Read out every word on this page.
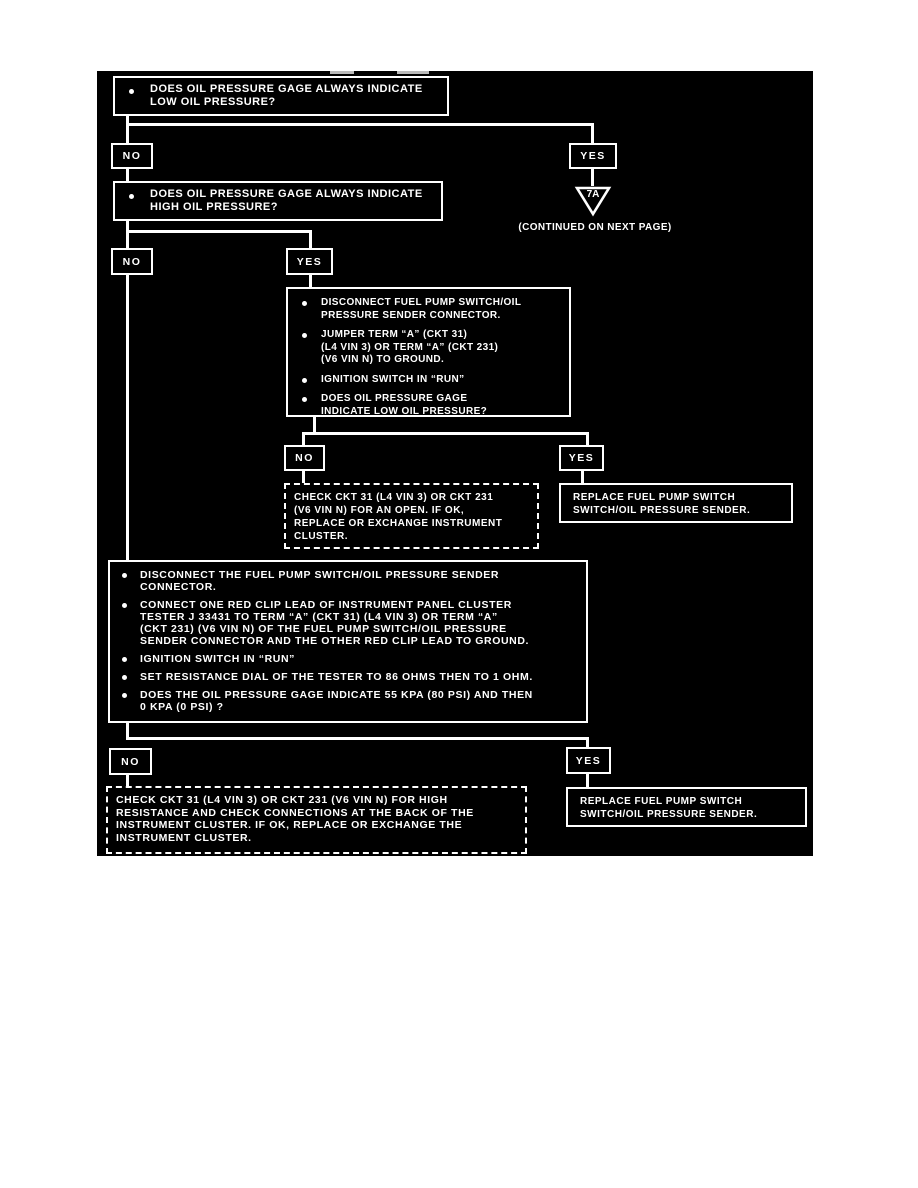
DOES OIL PRESSURE GAGE ALWAYS INDICATE
LOW OIL PRESSURE?
NO	YES
7A
(CONTINUED ON NEXT PAGE)
DOES OIL PRESSURE GAGE ALWAYS INDICATE
HIGH OIL PRESSURE?
NO	YES
DISCONNECT FUEL PUMP SWITCH/OIL
PRESSURE SENDER CONNECTOR.
JUMPER TERM “A” (CKT 31)
(L4 VIN 3) OR TERM “A” (CKT 231)
(V6 VIN N) TO GROUND.
IGNITION SWITCH IN “RUN”
DOES OIL PRESSURE GAGE
INDICATE LOW OIL PRESSURE?
NO	YES
CHECK CKT 31 (L4 VIN 3) OR CKT 231
(V6 VIN N) FOR AN OPEN. IF OK,
REPLACE OR EXCHANGE INSTRUMENT
CLUSTER.
REPLACE FUEL PUMP SWITCH
SWITCH/OIL PRESSURE SENDER.
DISCONNECT THE FUEL PUMP SWITCH/OIL PRESSURE SENDER
CONNECTOR.
CONNECT ONE RED CLIP LEAD OF INSTRUMENT PANEL CLUSTER
TESTER J 33431 TO TERM “A” (CKT 31) (L4 VIN 3) OR TERM “A”
(CKT 231) (V6 VIN N) OF THE FUEL PUMP SWITCH/OIL PRESSURE
SENDER CONNECTOR AND THE OTHER RED CLIP LEAD TO GROUND.
IGNITION SWITCH IN “RUN”
SET RESISTANCE DIAL OF THE TESTER TO 86 OHMS THEN TO 1 OHM.
DOES THE OIL PRESSURE GAGE INDICATE 55 KPA (80 PSI) AND THEN
0 KPA (0 PSI) ?
NO	YES
CHECK CKT 31 (L4 VIN 3) OR CKT 231 (V6 VIN N) FOR HIGH
RESISTANCE AND CHECK CONNECTIONS AT THE BACK OF THE
INSTRUMENT CLUSTER. IF OK, REPLACE OR EXCHANGE THE
INSTRUMENT CLUSTER.
REPLACE FUEL PUMP SWITCH
SWITCH/OIL PRESSURE SENDER.
